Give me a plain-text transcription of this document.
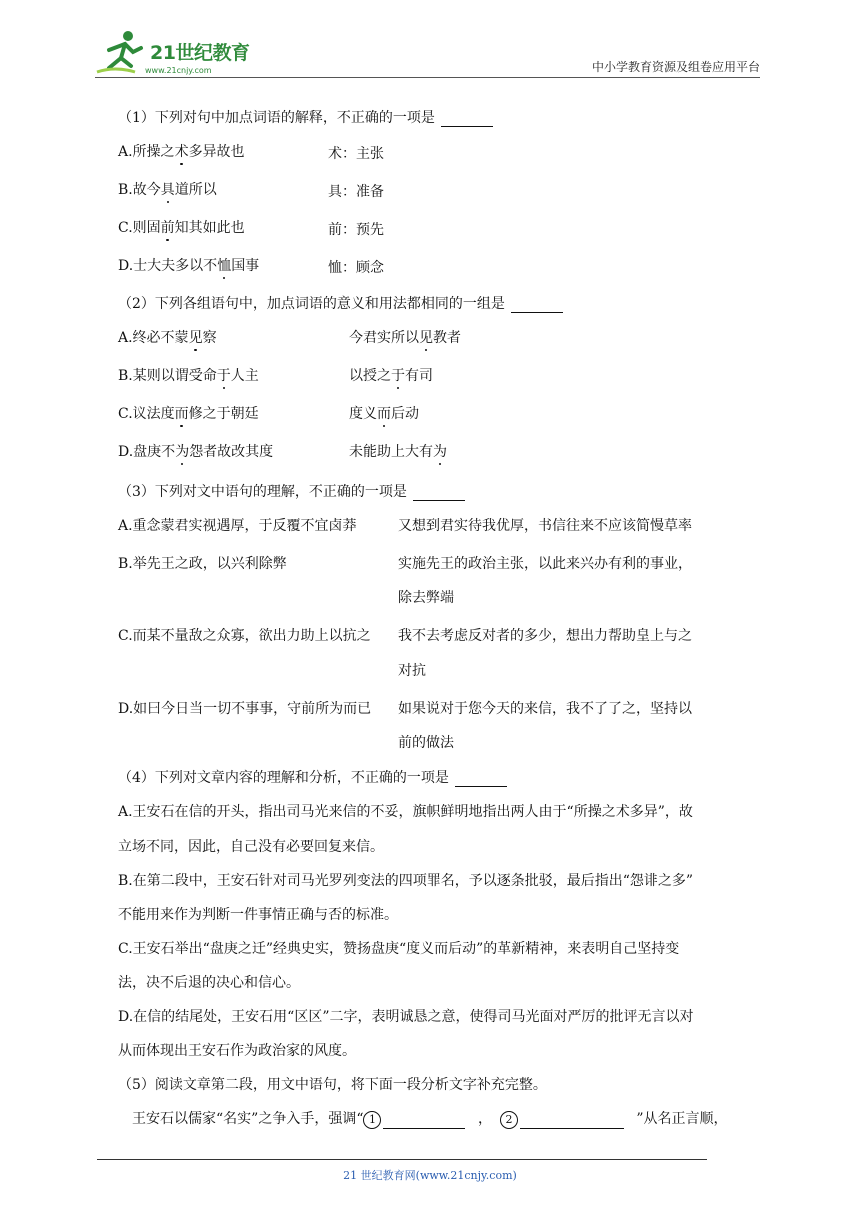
21世纪教育
www.21cnjy.com	中小学教育资源及组卷应用平台
（1）下列对句中加点词语的解释，不正确的一项是
A.所操之术多异故也	术：主张
B.故今具道所以	具：准备
C.则固前知其如此也	前：预先
D.士大夫多以不恤国事	恤：顾念
（2）下列各组语句中，加点词语的意义和用法都相同的一组是
A.终必不蒙见察	今君实所以见教者
B.某则以谓受命于人主	以授之于有司
C.议法度而修之于朝廷	度义而后动
D.盘庚不为怨者故改其度	未能助上大有为
（3）下列对文中语句的理解，不正确的一项是
A.重念蒙君实视遇厚，于反覆不宜卤莽	又想到君实待我优厚，书信往来不应该简慢草率
B.举先王之政，以兴利除弊	实施先王的政治主张，以此来兴办有利的事业，
除去弊端
C.而某不量敌之众寡，欲出力助上以抗之 我不去考虑反对者的多少，想出力帮助皇上与之
对抗
D.如曰今日当一切不事事，守前所为而已 如果说对于您今天的来信，我不了了之，坚持以
前的做法
（4）下列对文章内容的理解和分析，不正确的一项是
A.王安石在信的开头，指出司马光来信的不妥，旗帜鲜明地指出两人由于“所操之术多异”，故
立场不同，因此，自己没有必要回复来信。
B.在第二段中，王安石针对司马光罗列变法的四项罪名，予以逐条批驳，最后指出“怨诽之多”
不能用来作为判断一件事情正确与否的标准。
C.王安石举出“盘庚之迁”经典史实，赞扬盘庚“度义而后动”的革新精神，来表明自己坚持变
法，决不后退的决心和信心。
D.在信的结尾处，王安石用“区区”二字，表明诚恳之意，使得司马光面对严厉的批评无言以对
从而体现出王安石作为政治家的风度。
（5）阅读文章第二段，用文中语句，将下面一段分析文字补充完整。
王安石以儒家“名实”之争入手，强调“ 1	， 2	”从名正言顺，
21 世纪教育网(www.21cnjy.com)
